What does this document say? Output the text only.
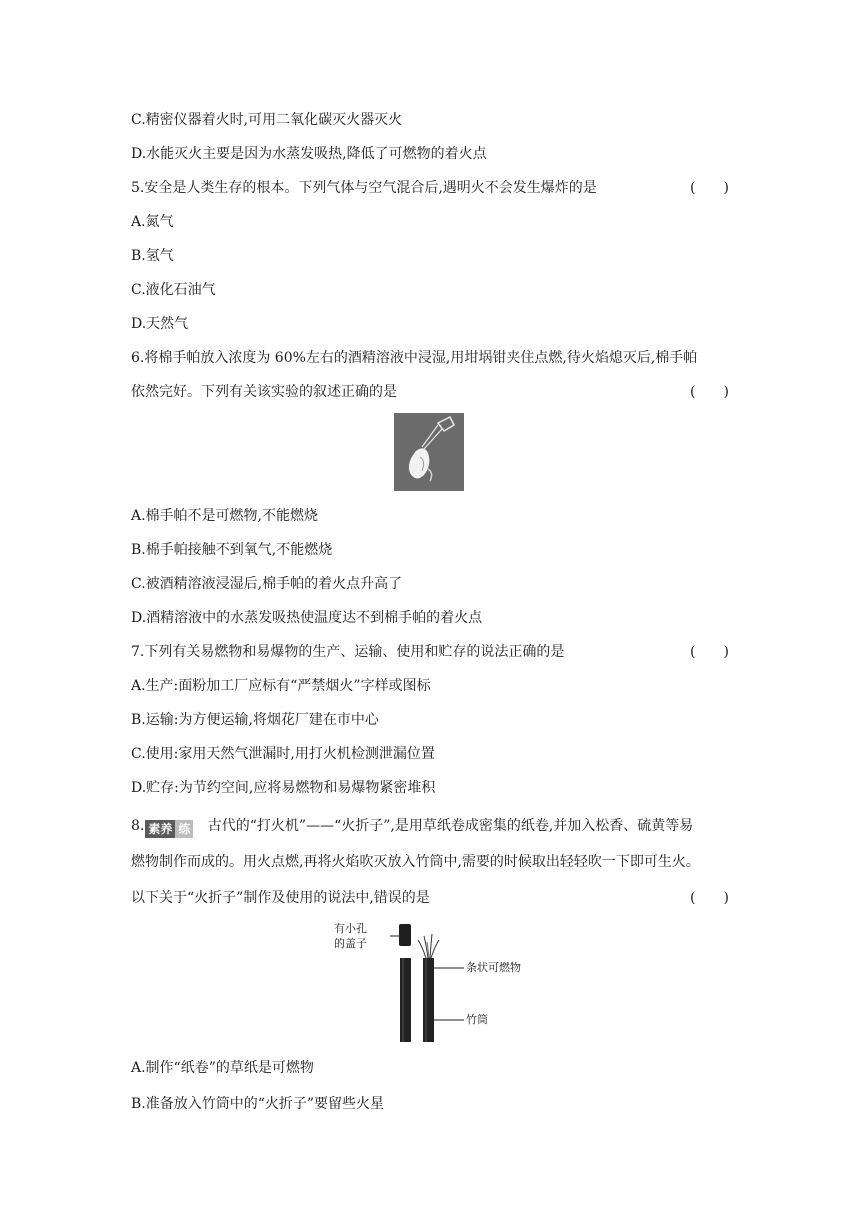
C.精密仪器着火时,可用二氧化碳灭火器灭火
D.水能灭火主要是因为水蒸发吸热,降低了可燃物的着火点
5.安全是人类生存的根本。下列气体与空气混合后,遇明火不会发生爆炸的是	(　　)
A.氮气
B.氢气
C.液化石油气
D.天然气
6.将棉手帕放入浓度为 60%左右的酒精溶液中浸湿,用坩埚钳夹住点燃,待火焰熄灭后,棉手帕
依然完好。下列有关该实验的叙述正确的是	(　　)
A.棉手帕不是可燃物,不能燃烧
B.棉手帕接触不到氧气,不能燃烧
C.被酒精溶液浸湿后,棉手帕的着火点升高了
D.酒精溶液中的水蒸发吸热使温度达不到棉手帕的着火点
7.下列有关易燃物和易爆物的生产、运输、使用和贮存的说法正确的是	(　　)
A.生产:面粉加工厂应标有“严禁烟火”字样或图标
B.运输:为方便运输,将烟花厂建在市中心
C.使用:家用天然气泄漏时,用打火机检测泄漏位置
D.贮存:为节约空间,应将易燃物和易爆物紧密堆积
8. 素养 练 古代的“打火机”——“火折子”,是用草纸卷成密集的纸卷,并加入松香、硫黄等易
燃物制作而成的。用火点燃,再将火焰吹灭放入竹筒中,需要的时候取出轻轻吹一下即可生火。
以下关于“火折子”制作及使用的说法中,错误的是	(　　)
有小孔
的盖子
条状可燃物
竹筒
A.制作“纸卷”的草纸是可燃物
B.准备放入竹筒中的“火折子”要留些火星
